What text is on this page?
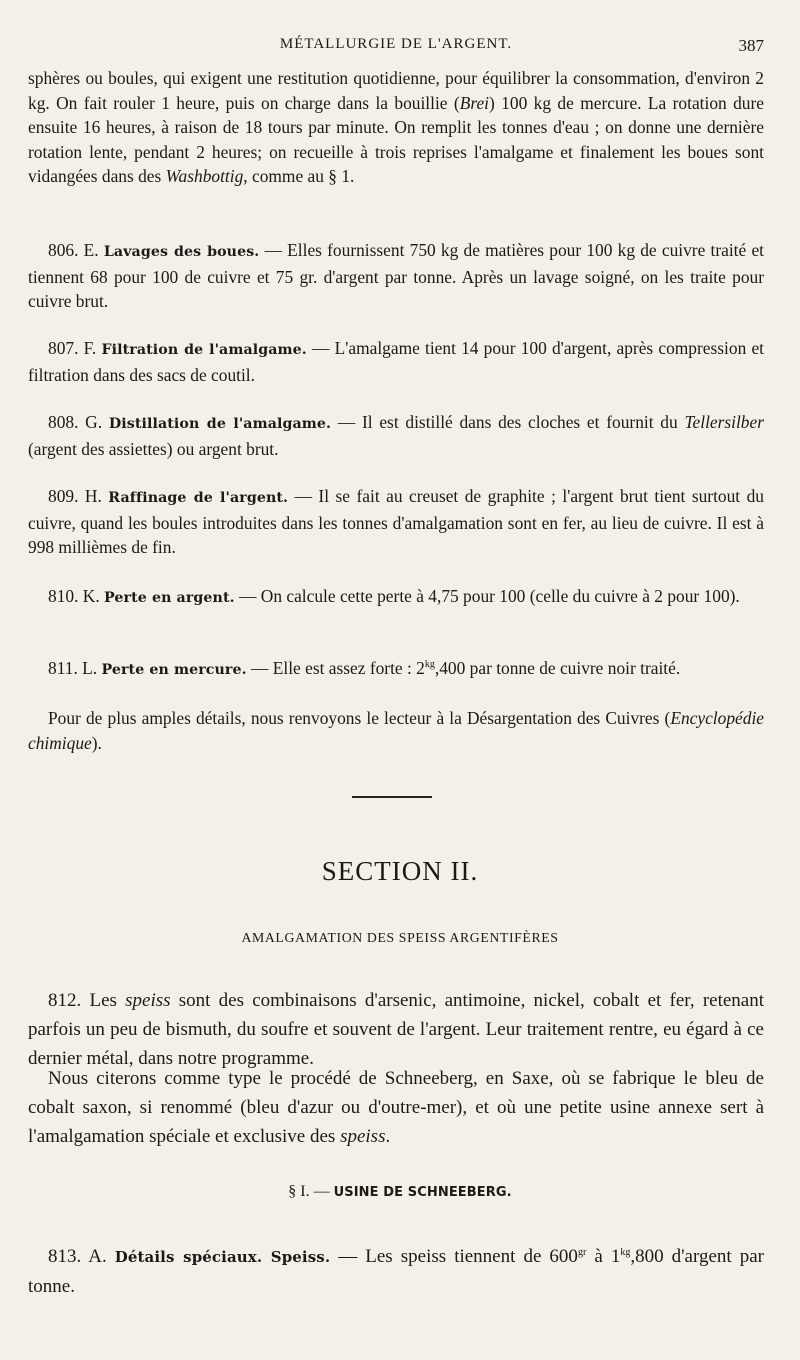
MÉTALLURGIE DE L'ARGENT.	387

sphères ou boules, qui exigent une restitution quotidienne, pour équilibrer la consommation, d'environ 2 kg. On fait rouler 1 heure, puis on charge dans la bouillie (Brei) 100 kg de mercure. La rotation dure ensuite 16 heures, à raison de 18 tours par minute. On remplit les tonnes d'eau ; on donne une dernière rotation lente, pendant 2 heures; on recueille à trois reprises l'amalgame et finalement les boues sont vidangées dans des Washbottig, comme au § 1.

806. E. Lavages des boues. — Elles fournissent 750 kg de matières pour 100 kg de cuivre traité et tiennent 68 pour 100 de cuivre et 75 gr. d'argent par tonne. Après un lavage soigné, on les traite pour cuivre brut.

807. F. Filtration de l'amalgame. — L'amalgame tient 14 pour 100 d'argent, après compression et filtration dans des sacs de coutil.

808. G. Distillation de l'amalgame. — Il est distillé dans des cloches et fournit du Tellersilber (argent des assiettes) ou argent brut.

809. H. Raffinage de l'argent. — Il se fait au creuset de graphite ; l'argent brut tient surtout du cuivre, quand les boules introduites dans les tonnes d'amalgamation sont en fer, au lieu de cuivre. Il est à 998 millièmes de fin.

810. K. Perte en argent. — On calcule cette perte à 4,75 pour 100 (celle du cuivre à 2 pour 100).

811. L. Perte en mercure. — Elle est assez forte : $2^{kg},400$ par tonne de cuivre noir traité.

Pour de plus amples détails, nous renvoyons le lecteur à la Désargentation des Cuivres (Encyclopédie chimique).

SECTION II.
AMALGAMATION DES SPEISS ARGENTIFÈRES

812. Les speiss sont des combinaisons d'arsenic, antimoine, nickel, cobalt et fer, retenant parfois un peu de bismuth, du soufre et souvent de l'argent. Leur traitement rentre, eu égard à ce dernier métal, dans notre programme.

Nous citerons comme type le procédé de Schneeberg, en Saxe, où se fabrique le bleu de cobalt saxon, si renommé (bleu d'azur ou d'outre-mer), et où une petite usine annexe sert à l'amalgamation spéciale et exclusive des speiss.

§ I. — USINE DE SCHNEEBERG.

813. A. Détails spéciaux. Speiss. — Les speiss tiennent de $600^{gr}$ à $1^{kg},800$ d'argent par tonne.
